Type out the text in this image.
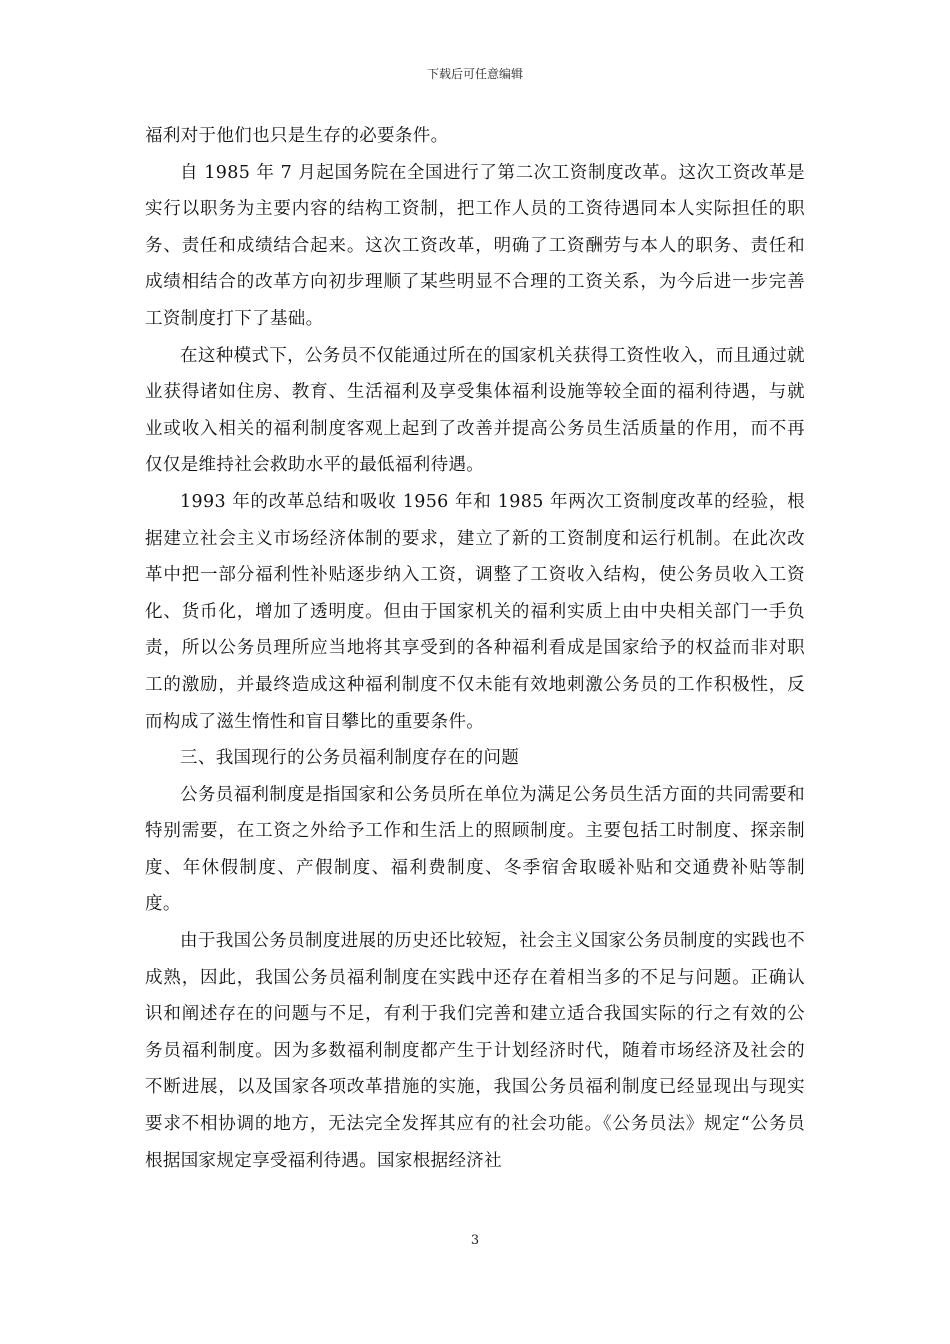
下载后可任意编辑

福利对于他们也只是生存的必要条件。

自 1985 年 7 月起国务院在全国进行了第二次工资制度改革。这次工资改革是实行以职务为主要内容的结构工资制，把工作人员的工资待遇同本人实际担任的职务、责任和成绩结合起来。这次工资改革，明确了工资酬劳与本人的职务、责任和成绩相结合的改革方向初步理顺了某些明显不合理的工资关系，为今后进一步完善工资制度打下了基础。

在这种模式下，公务员不仅能通过所在的国家机关获得工资性收入，而且通过就业获得诸如住房、教育、生活福利及享受集体福利设施等较全面的福利待遇，与就业或收入相关的福利制度客观上起到了改善并提高公务员生活质量的作用，而不再仅仅是维持社会救助水平的最低福利待遇。

1993 年的改革总结和吸收 1956 年和 1985 年两次工资制度改革的经验，根据建立社会主义市场经济体制的要求，建立了新的工资制度和运行机制。在此次改革中把一部分福利性补贴逐步纳入工资，调整了工资收入结构，使公务员收入工资化、货币化，增加了透明度。但由于国家机关的福利实质上由中央相关部门一手负责，所以公务员理所应当地将其享受到的各种福利看成是国家给予的权益而非对职工的激励，并最终造成这种福利制度不仅未能有效地刺激公务员的工作积极性，反而构成了滋生惰性和盲目攀比的重要条件。

三、我国现行的公务员福利制度存在的问题

公务员福利制度是指国家和公务员所在单位为满足公务员生活方面的共同需要和特别需要，在工资之外给予工作和生活上的照顾制度。主要包括工时制度、探亲制度、年休假制度、产假制度、福利费制度、冬季宿舍取暖补贴和交通费补贴等制度。

由于我国公务员制度进展的历史还比较短，社会主义国家公务员制度的实践也不成熟，因此，我国公务员福利制度在实践中还存在着相当多的不足与问题。正确认识和阐述存在的问题与不足，有利于我们完善和建立适合我国实际的行之有效的公务员福利制度。因为多数福利制度都产生于计划经济时代，随着市场经济及社会的不断进展，以及国家各项改革措施的实施，我国公务员福利制度已经显现出与现实要求不相协调的地方，无法完全发挥其应有的社会功能。《公务员法》规定“公务员根据国家规定享受福利待遇。国家根据经济社

3
